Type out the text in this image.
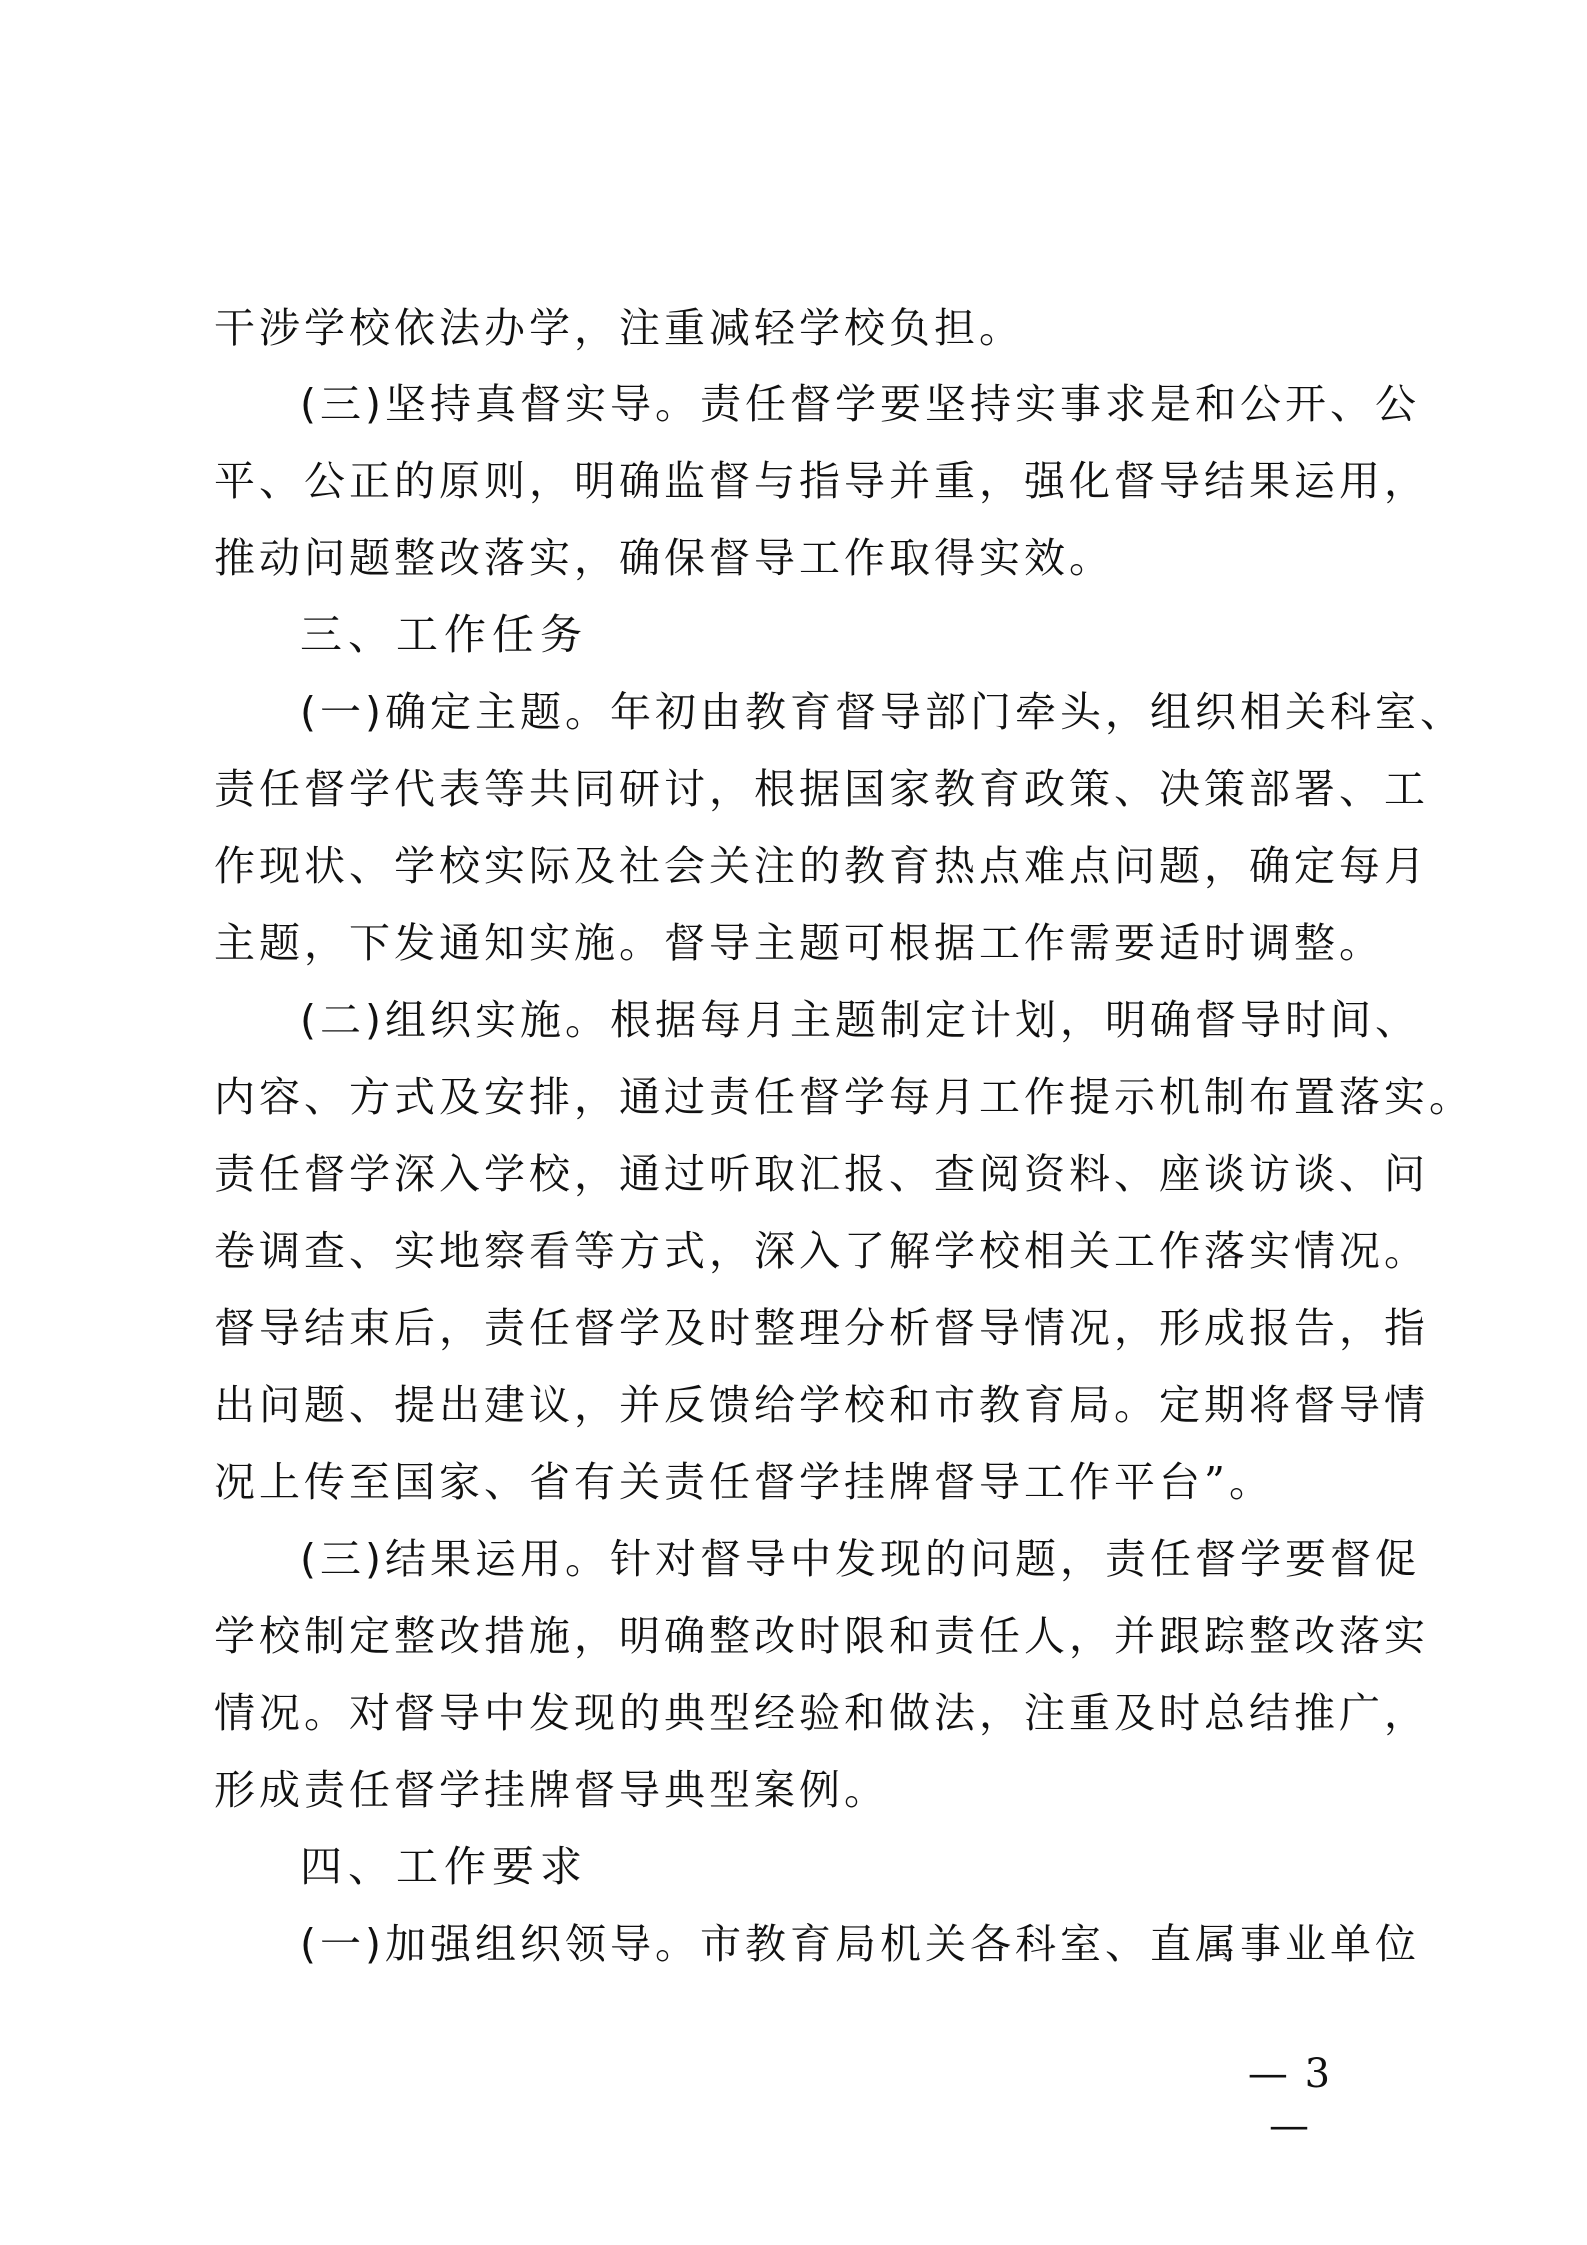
干涉学校依法办学，注重减轻学校负担。
(三)坚持真督实导。责任督学要坚持实事求是和公开、公
平、公正的原则，明确监督与指导并重，强化督导结果运用，
推动问题整改落实，确保督导工作取得实效。
三、工作任务
(一)确定主题。年初由教育督导部门牵头，组织相关科室、
责任督学代表等共同研讨，根据国家教育政策、决策部署、工
作现状、学校实际及社会关注的教育热点难点问题，确定每月
主题，下发通知实施。督导主题可根据工作需要适时调整。
(二)组织实施。根据每月主题制定计划，明确督导时间、
内容、方式及安排，通过责任督学每月工作提示机制布置落实。
责任督学深入学校，通过听取汇报、查阅资料、座谈访谈、问
卷调查、实地察看等方式，深入了解学校相关工作落实情况。
督导结束后，责任督学及时整理分析督导情况，形成报告，指
出问题、提出建议，并反馈给学校和市教育局。定期将督导情
况上传至国家、省有关责任督学挂牌督导工作平台”。
(三)结果运用。针对督导中发现的问题，责任督学要督促
学校制定整改措施，明确整改时限和责任人，并跟踪整改落实
情况。对督导中发现的典型经验和做法，注重及时总结推广，
形成责任督学挂牌督导典型案例。
四、工作要求
(一)加强组织领导。市教育局机关各科室、直属事业单位
— 3 —
